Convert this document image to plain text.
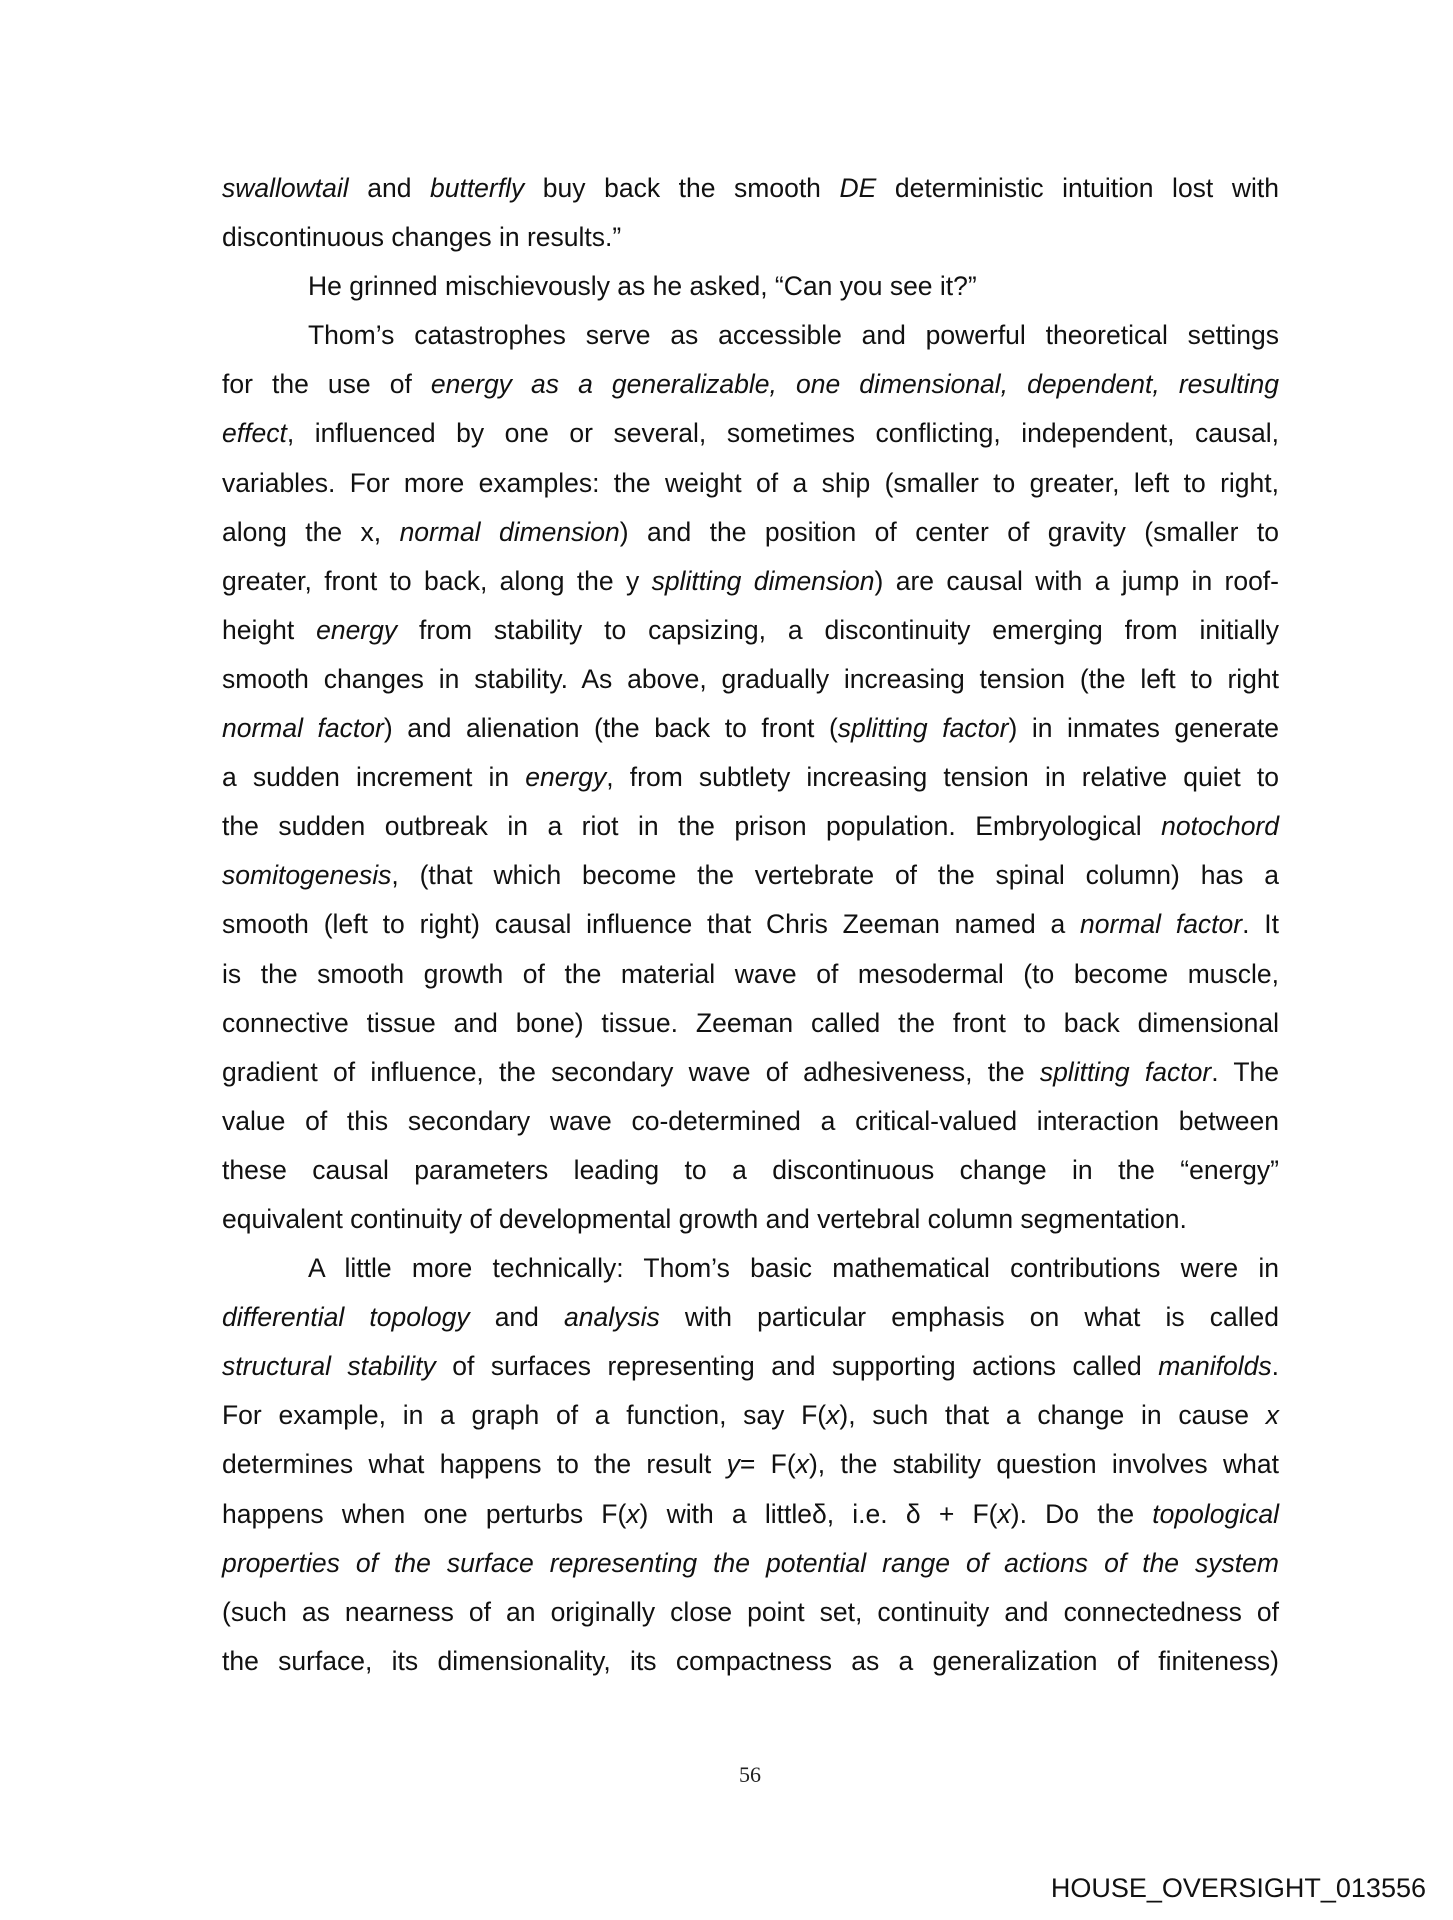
swallowtail and butterfly buy back the smooth DE deterministic intuition lost with
discontinuous changes in results.”
He grinned mischievously as he asked, “Can you see it?”
Thom’s catastrophes serve as accessible and powerful theoretical settings
for the use of energy as a generalizable, one dimensional, dependent, resulting
effect, influenced by one or several, sometimes conflicting, independent, causal,
variables. For more examples: the weight of a ship (smaller to greater, left to right,
along the x, normal dimension) and the position of center of gravity (smaller to
greater, front to back, along the y splitting dimension) are causal with a jump in roof-
height energy from stability to capsizing, a discontinuity emerging from initially
smooth changes in stability. As above, gradually increasing tension (the left to right
normal factor) and alienation (the back to front (splitting factor) in inmates generate
a sudden increment in energy, from subtlety increasing tension in relative quiet to
the sudden outbreak in a riot in the prison population. Embryological notochord
somitogenesis, (that which become the vertebrate of the spinal column) has a
smooth (left to right) causal influence that Chris Zeeman named a normal factor. It
is the smooth growth of the material wave of mesodermal (to become muscle,
connective tissue and bone) tissue. Zeeman called the front to back dimensional
gradient of influence, the secondary wave of adhesiveness, the splitting factor. The
value of this secondary wave co-determined a critical-valued interaction between
these causal parameters leading to a discontinuous change in the “energy”
equivalent continuity of developmental growth and vertebral column segmentation.
A little more technically: Thom’s basic mathematical contributions were in
differential topology and analysis with particular emphasis on what is called
structural stability of surfaces representing and supporting actions called manifolds.
For example, in a graph of a function, say F(x), such that a change in cause x
determines what happens to the result y= F(x), the stability question involves what
happens when one perturbs F(x) with a littleδ, i.e. δ + F(x). Do the topological
properties of the surface representing the potential range of actions of the system
(such as nearness of an originally close point set, continuity and connectedness of
the surface, its dimensionality, its compactness as a generalization of finiteness)
56
HOUSE_OVERSIGHT_013556
